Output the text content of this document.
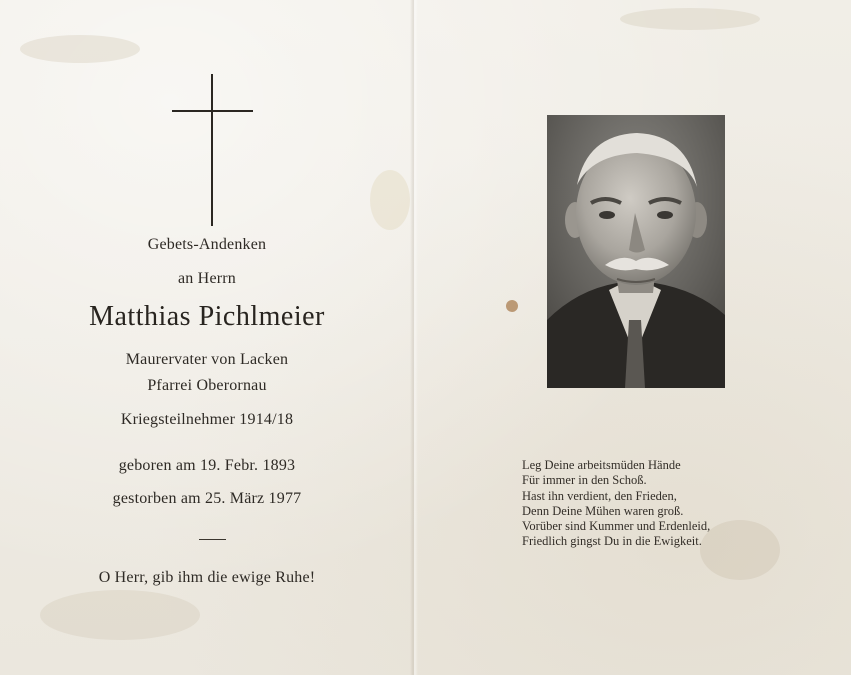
Gebets-Andenken
an Herrn
Matthias Pichlmeier
Maurervater von Lacken
Pfarrei Oberornau
Kriegsteilnehmer 1914/18
geboren am 19. Febr. 1893
gestorben am 25. März 1977
O Herr, gib ihm die ewige Ruhe!
Leg Deine arbeitsmüden Hände
Für immer in den Schoß.
Hast ihn verdient, den Frieden,
Denn Deine Mühen waren groß.
Vorüber sind Kummer und Erdenleid,
Friedlich gingst Du in die Ewigkeit.
